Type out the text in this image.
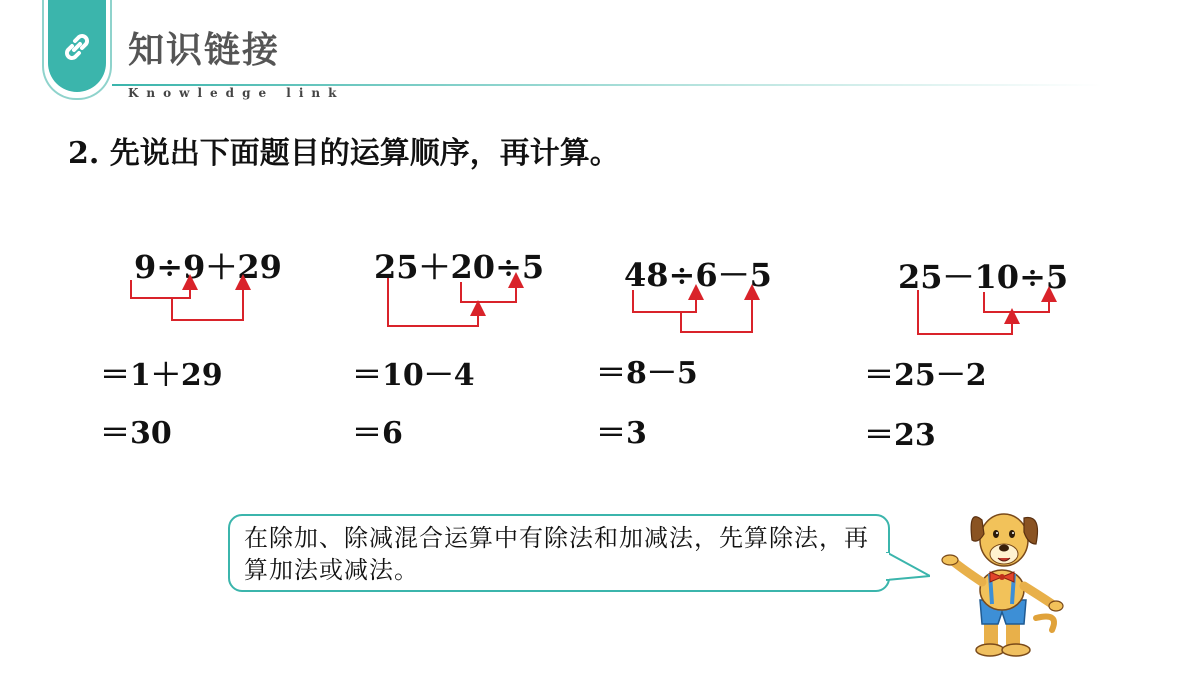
知识链接
Knowledge link
2. 先说出下面题目的运算顺序，再计算。
9÷9＋29
＝1＋29
＝30
25＋20÷5
＝10－4
＝6
48÷6－5
＝8－5
＝3
25－10÷5
＝25－2
＝23
在除加、除减混合运算中有除法和加减法，先算除法，再算加法或减法。
